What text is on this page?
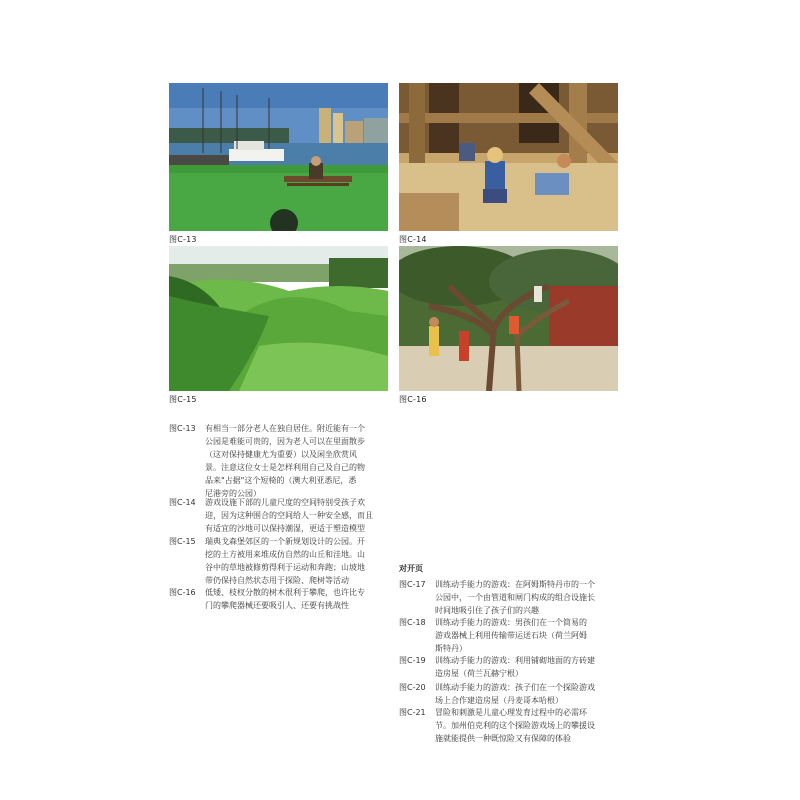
图C-13	图C-14
图C-15	图C-16
图C-13 有相当一部分老人在独自居住。附近能有一个
公园是难能可贵的，因为老人可以在里面散步
（这对保持健康尤为重要）以及闲坐欣赏风
景。注意这位女士是怎样利用自己及自己的物
品来"占据"这个短椅的（澳大利亚悉尼，悉
尼港旁的公园）
图C-14 游戏设施下部的儿童尺度的空间特别受孩子欢
迎，因为这种围合的空间给人一种安全感，而且
有适宜的沙地可以保持潮湿，更适于塑造模型
图C-15 瑞典戈森堡郊区的一个新规划设计的公园。开
挖的土方被用来堆成仿自然的山丘和洼地。山
谷中的草地被修剪得利于运动和奔跑；山坡地
带仍保持自然状态用于探险、爬树等活动
图C-16 低矮、枝杈分散的树木很利于攀爬，也许比专
门的攀爬器械还要吸引人、还要有挑战性
对开页
图C-17 训练动手能力的游戏：在阿姆斯特丹市的一个
公园中，一个由管道和闸门构成的组合设施长
时间地吸引住了孩子们的兴趣
图C-18 训练动手能力的游戏：男孩们在一个简易的
游戏器械上利用传输带运送石块（荷兰阿姆
斯特丹）
图C-19 训练动手能力的游戏：利用铺砌地面的方砖建
造房屋（荷兰瓦赫宁根）
图C-20 训练动手能力的游戏：孩子们在一个探险游戏
场上合作建造房屋（丹麦哥本哈根）
图C-21 冒险和刺激是儿童心理发育过程中的必需环
节。加州伯克利的这个探险游戏场上的攀援设
施就能提供一种既惊险又有保障的体验
